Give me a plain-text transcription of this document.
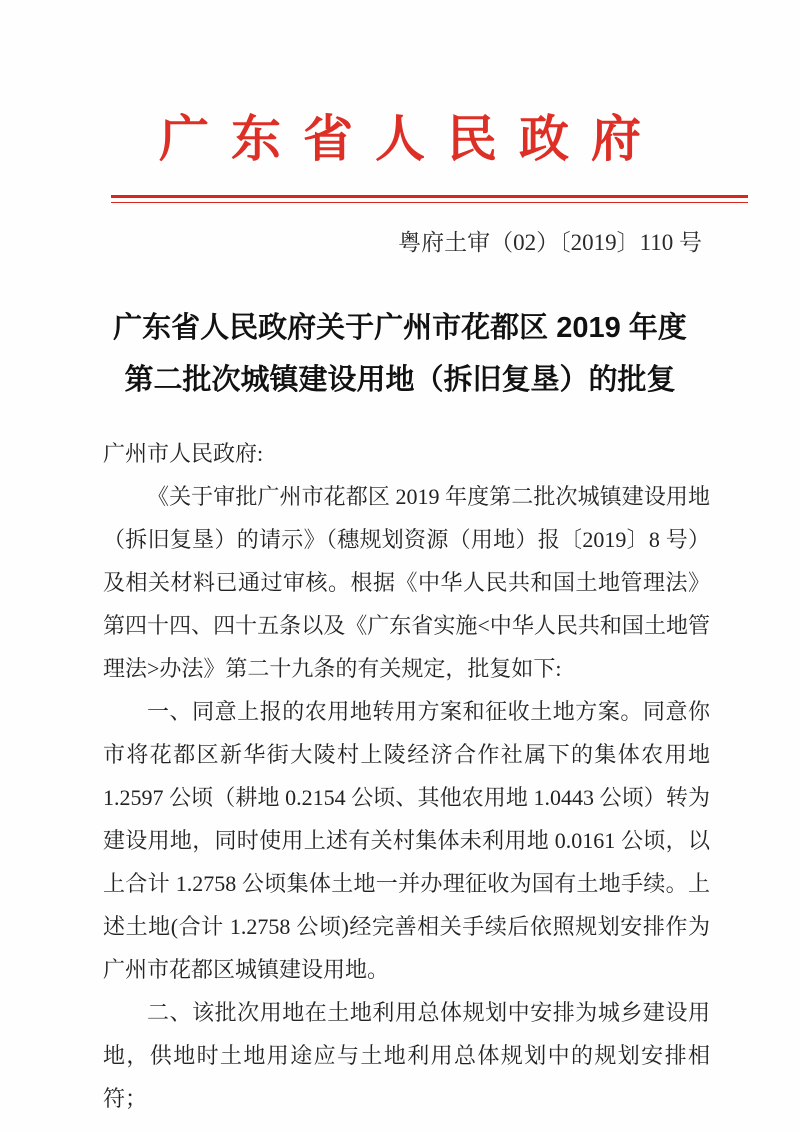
广东省人民政府
粤府土审（02）〔2019〕110 号
广东省人民政府关于广州市花都区 2019 年度
第二批次城镇建设用地（拆旧复垦）的批复

广州市人民政府:

《关于审批广州市花都区 2019 年度第二批次城镇建设用地（拆旧复垦）的请示》（穗规划资源（用地）报〔2019〕8 号）及相关材料已通过审核。根据《中华人民共和国土地管理法》第四十四、四十五条以及《广东省实施<中华人民共和国土地管理法>办法》第二十九条的有关规定，批复如下:

一、同意上报的农用地转用方案和征收土地方案。同意你市将花都区新华街大陵村上陵经济合作社属下的集体农用地 1.2597 公顷（耕地 0.2154 公顷、其他农用地 1.0443 公顷）转为建设用地，同时使用上述有关村集体未利用地 0.0161 公顷，以上合计 1.2758 公顷集体土地一并办理征收为国有土地手续。上述土地(合计 1.2758 公顷)经完善相关手续后依照规划安排作为广州市花都区城镇建设用地。

二、该批次用地在土地利用总体规划中安排为城乡建设用地，供地时土地用途应与土地利用总体规划中的规划安排相符；
